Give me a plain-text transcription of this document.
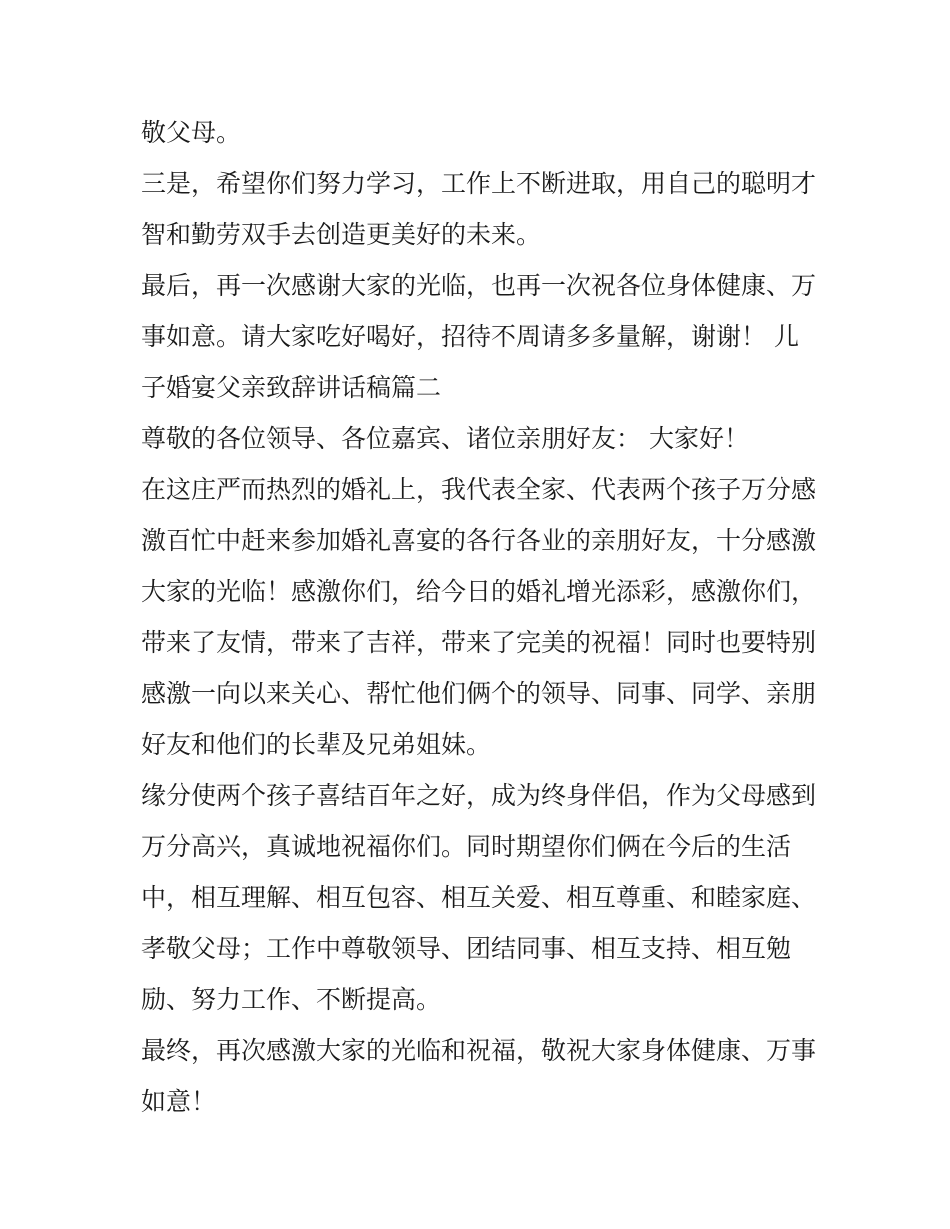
敬父母。
三是，希望你们努力学习，工作上不断进取，用自己的聪明才
智和勤劳双手去创造更美好的未来。
最后，再一次感谢大家的光临，也再一次祝各位身体健康、万
事如意。请大家吃好喝好，招待不周请多多量解，谢谢！ 儿
子婚宴父亲致辞讲话稿篇二
尊敬的各位领导、各位嘉宾、诸位亲朋好友： 大家好！
在这庄严而热烈的婚礼上，我代表全家、代表两个孩子万分感
激百忙中赶来参加婚礼喜宴的各行各业的亲朋好友，十分感激
大家的光临！感激你们，给今日的婚礼增光添彩，感激你们，
带来了友情，带来了吉祥，带来了完美的祝福！同时也要特别
感激一向以来关心、帮忙他们俩个的领导、同事、同学、亲朋
好友和他们的长辈及兄弟姐妹。
缘分使两个孩子喜结百年之好，成为终身伴侣，作为父母感到
万分高兴，真诚地祝福你们。同时期望你们俩在今后的生活
中，相互理解、相互包容、相互关爱、相互尊重、和睦家庭、
孝敬父母；工作中尊敬领导、团结同事、相互支持、相互勉
励、努力工作、不断提高。
最终，再次感激大家的光临和祝福，敬祝大家身体健康、万事
如意！
